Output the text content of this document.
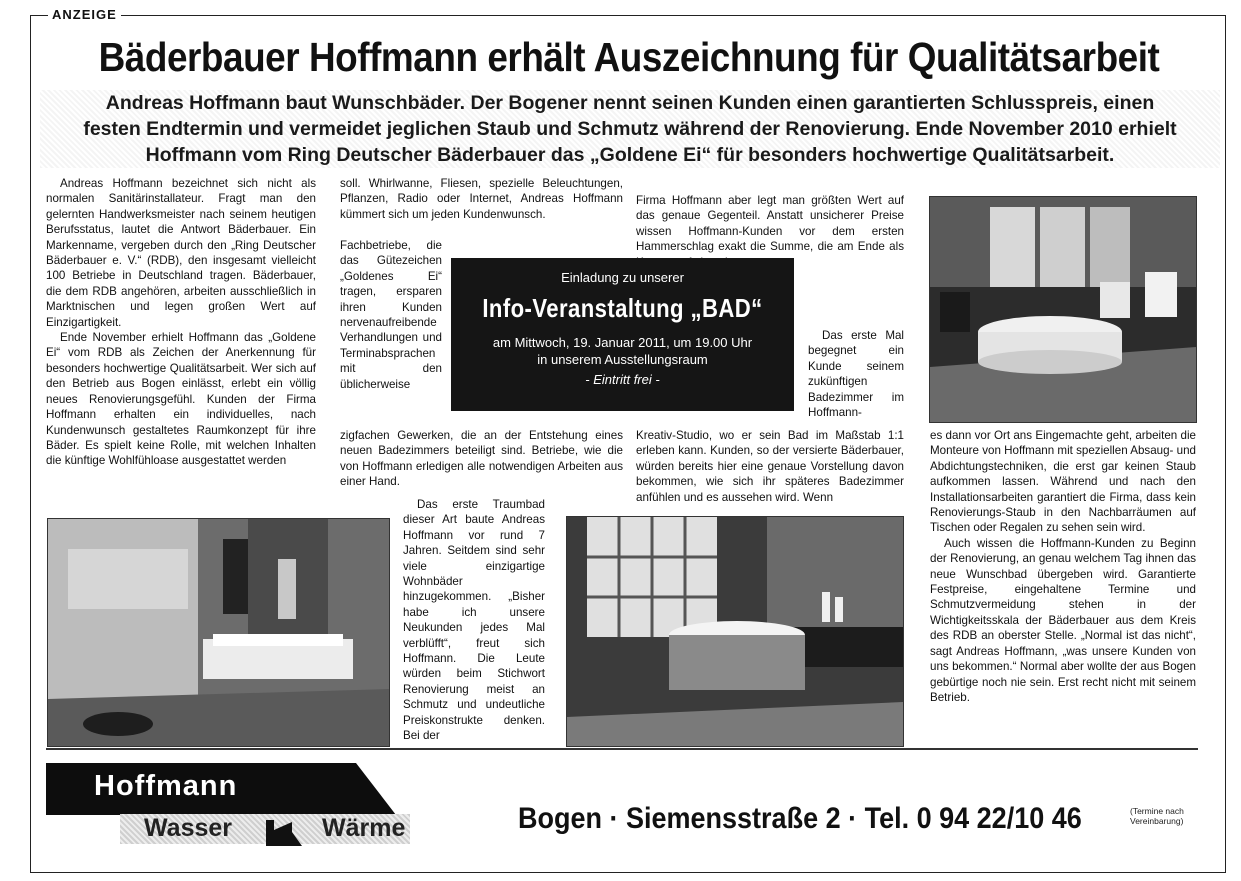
ANZEIGE
Bäderbauer Hoffmann erhält Auszeichnung für Qualitätsarbeit
Andreas Hoffmann baut Wunschbäder. Der Bogener nennt seinen Kunden einen garantierten Schlusspreis, einen
festen Endtermin und vermeidet jeglichen Staub und Schmutz während der Renovierung. Ende November 2010 erhielt
Hoffmann vom Ring Deutscher Bäderbauer das „Goldene Ei“ für besonders hochwertige Qualitätsarbeit.

Andreas Hoffmann bezeichnet sich nicht als normalen Sanitärinstallateur. Fragt man den gelernten Handwerksmeister nach seinem heutigen Berufsstatus, lautet die Antwort Bäderbauer. Ein Markenname, vergeben durch den „Ring Deutscher Bäderbauer e. V.“ (RDB), den insgesamt vielleicht 100 Betriebe in Deutschland tragen. Bäderbauer, die dem RDB angehören, arbeiten ausschließlich in Marktnischen und legen großen Wert auf Einzigartigkeit.

Ende November erhielt Hoffmann das „Goldene Ei“ vom RDB als Zeichen der Anerkennung für besonders hochwertige Qualitätsarbeit. Wer sich auf den Betrieb aus Bogen einlässt, erlebt ein völlig neues Renovierungsgefühl. Kunden der Firma Hoffmann erhalten ein individuelles, nach Kundenwunsch gestaltetes Raumkonzept für ihre Bäder. Es spielt keine Rolle, mit welchen Inhalten die künftige Wohlfühloase ausgestattet werden

soll. Whirlwanne, Fliesen, spezielle Beleuchtungen, Pflanzen, Radio oder Internet, Andreas Hoffmann kümmert sich um jeden Kundenwunsch.

Fachbetriebe, die das Gütezeichen „Goldenes Ei“ tragen, ersparen ihren Kunden nervenaufreibende Verhandlungen und Terminabsprachen mit den üblicherweise

zigfachen Gewerken, die an der Entstehung eines neuen Badezimmers beteiligt sind. Betriebe, wie die von Hoffmann erledigen alle notwendigen Arbeiten aus einer Hand.

Das erste Traumbad dieser Art baute Andreas Hoffmann vor rund 7 Jahren. Seitdem sind sehr viele einzigartige Wohnbäder hinzugekommen. „Bisher habe ich unsere Neukunden jedes Mal verblüfft“, freut sich Hoffmann. Die Leute würden beim Stichwort Renovierung meist an Schmutz und undeutliche Preiskonstrukte denken. Bei der

Firma Hoffmann aber legt man größten Wert auf das genaue Gegenteil. Anstatt unsicherer Preise wissen Hoffmann-Kunden vor dem ersten Hammerschlag exakt die Summe, die am Ende als

Das erste Mal begegnet ein Kunde seinem zukünftigen Badezimmer im Hoffmann-

Kreativ-Studio, wo er sein Bad im Maßstab 1:1 erleben kann. Kunden, so der versierte Bäderbauer, würden bereits hier eine genaue Vorstellung davon bekommen, wie sich ihr späteres Badezimmer anfühlen und es aussehen wird. Wenn

es dann vor Ort ans Eingemachte geht, arbeiten die Monteure von Hoffmann mit speziellen Absaug- und Abdichtungstechniken, die erst gar keinen Staub aufkommen lassen. Während und nach den Installationsarbeiten garantiert die Firma, dass kein Renovierungs-Staub in den Nachbarräumen auf Tischen oder Regalen zu sehen sein wird.

Auch wissen die Hoffmann-Kunden zu Beginn der Renovierung, an genau welchem Tag ihnen das neue Wunschbad übergeben wird. Garantierte Festpreise, eingehaltene Termine und Schmutzvermeidung stehen in der Wichtigkeitsskala der Bäderbauer aus dem Kreis des RDB an oberster Stelle. „Normal ist das nicht“, sagt Andreas Hoffmann, „was unsere Kunden von uns bekommen.“ Normal aber wollte der aus Bogen gebürtige noch nie sein. Erst recht nicht mit seinem Betrieb.

Einladung zu unserer
Info-Veranstaltung „BAD“
am Mittwoch, 19. Januar 2011, um 19.00 Uhr
in unserem Ausstellungsraum
- Eintritt frei -
Hoffmann
Wasser	Wärme	Bogen · Siemensstraße 2 · Tel. 0 94 22/10 46	(Termine nach
Vereinbarung)
